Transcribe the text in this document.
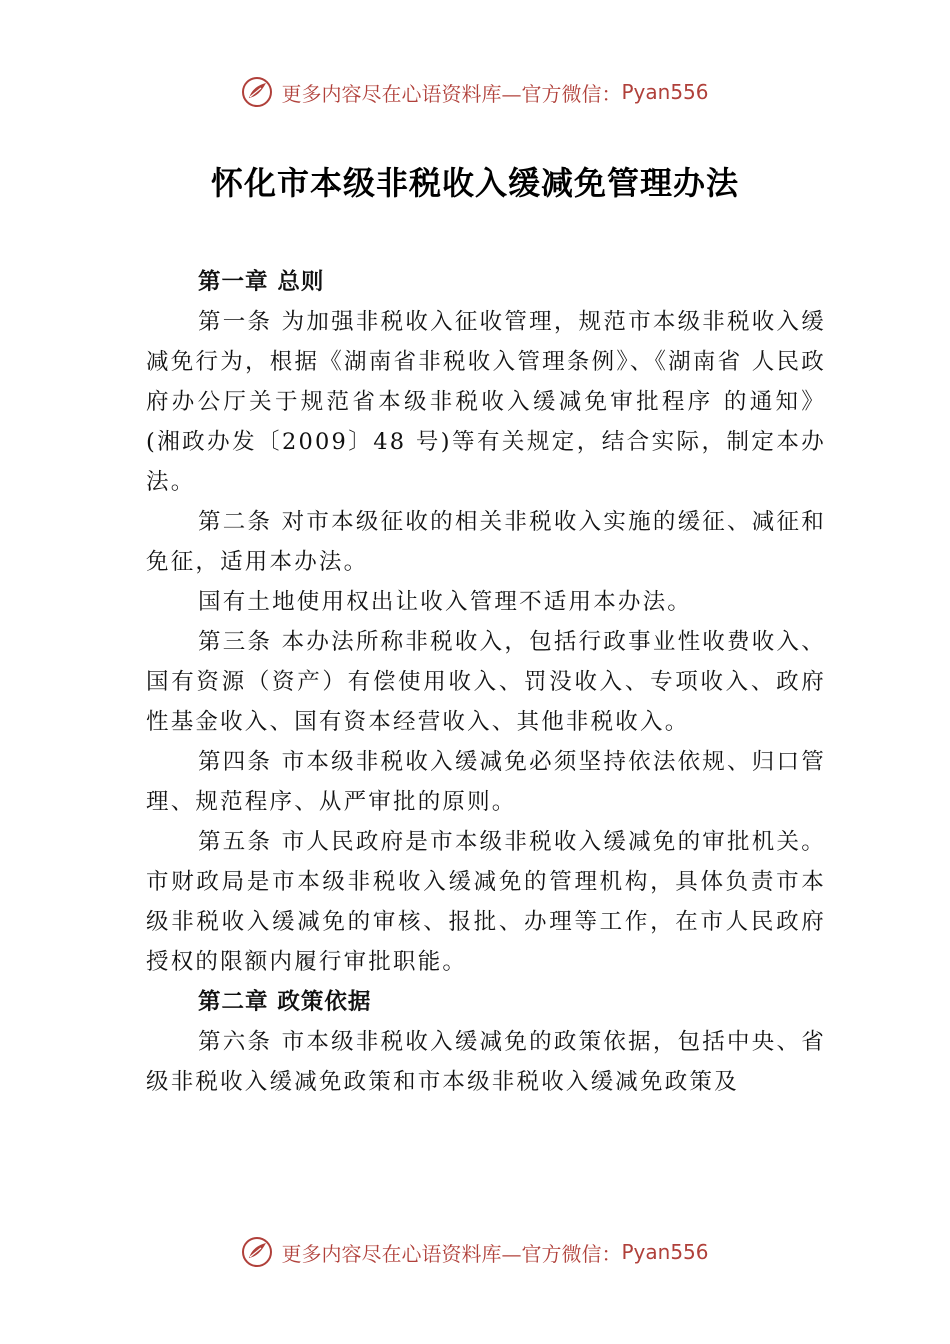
更多内容尽在心语资料库—官方微信： Pyan556
怀化市本级非税收入缓减免管理办法

第一章 总则

第一条 为加强非税收入征收管理，规范市本级非税收入缓减免行为，根据《湖南省非税收入管理条例》、《湖南省 人民政府办公厅关于规范省本级非税收入缓减免审批程序 的通知》(湘政办发〔2009〕48 号)等有关规定，结合实际，制定本办法。

第二条 对市本级征收的相关非税收入实施的缓征、减征和免征，适用本办法。

国有土地使用权出让收入管理不适用本办法。

第三条 本办法所称非税收入，包括行政事业性收费收入、国有资源（资产）有偿使用收入、罚没收入、专项收入、政府性基金收入、国有资本经营收入、其他非税收入。

第四条 市本级非税收入缓减免必须坚持依法依规、归口管理、规范程序、从严审批的原则。

第五条 市人民政府是市本级非税收入缓减免的审批机关。市财政局是市本级非税收入缓减免的管理机构，具体负责市本级非税收入缓减免的审核、报批、办理等工作，在市人民政府授权的限额内履行审批职能。

第二章 政策依据

第六条 市本级非税收入缓减免的政策依据，包括中央、省级非税收入缓减免政策和市本级非税收入缓减免政策及

更多内容尽在心语资料库—官方微信： Pyan556
